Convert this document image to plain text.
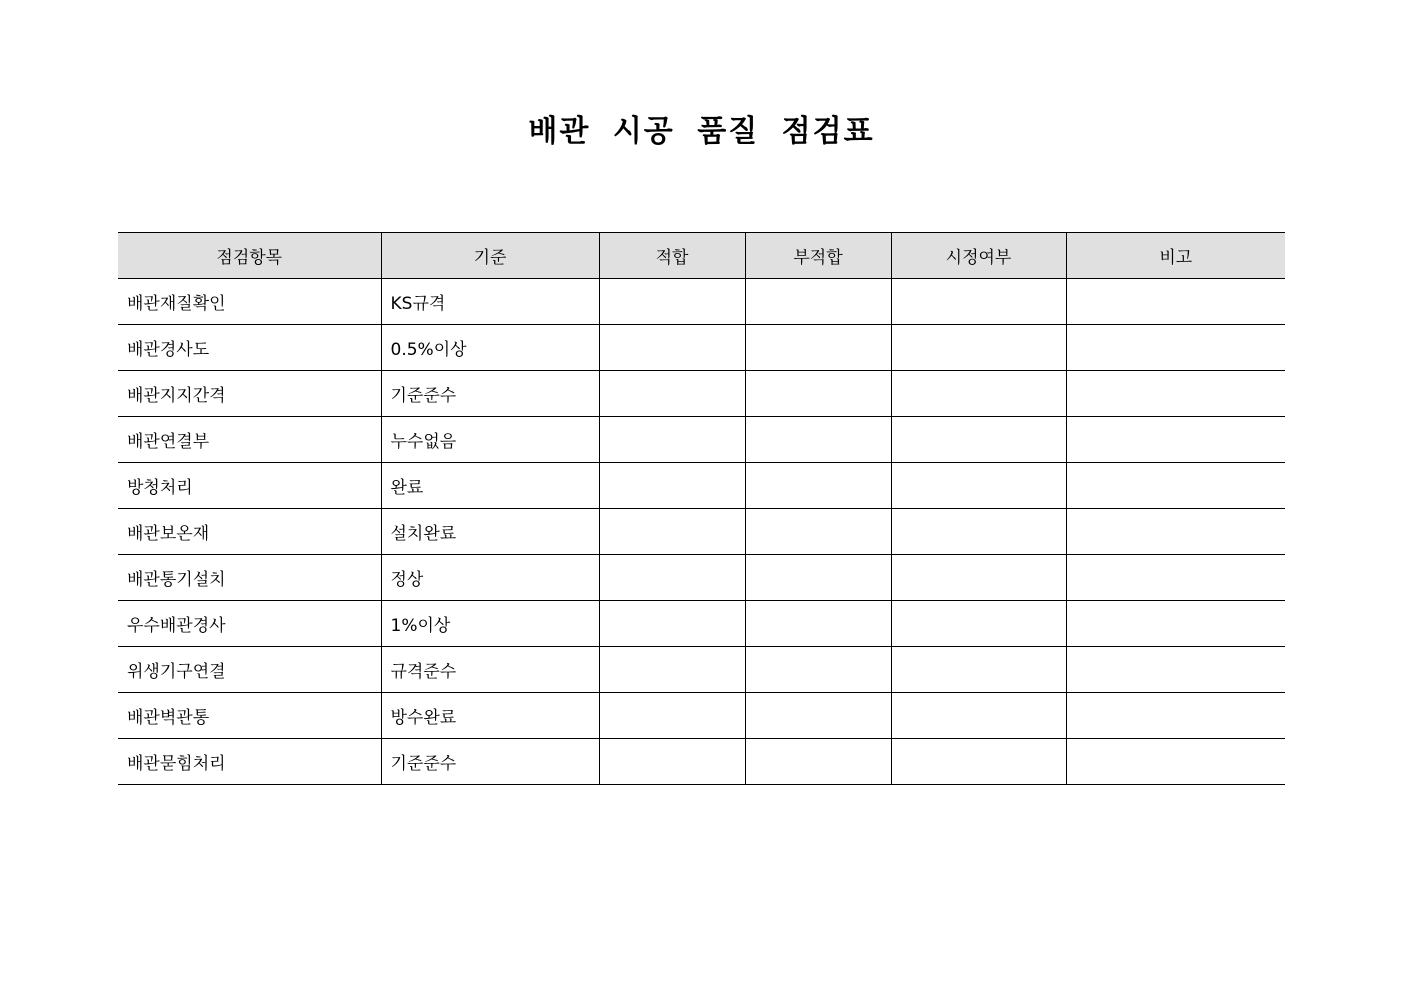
배관 시공 품질 점검표
점검항목	기준	적합	부적합	시정여부	비고
배관재질확인	KS규격				
배관경사도	0.5%이상				
배관지지간격	기준준수				
배관연결부	누수없음				
방청처리	완료				
배관보온재	설치완료				
배관통기설치	정상				
우수배관경사	1%이상				
위생기구연결	규격준수				
배관벽관통	방수완료				
배관묻힘처리	기준준수				
